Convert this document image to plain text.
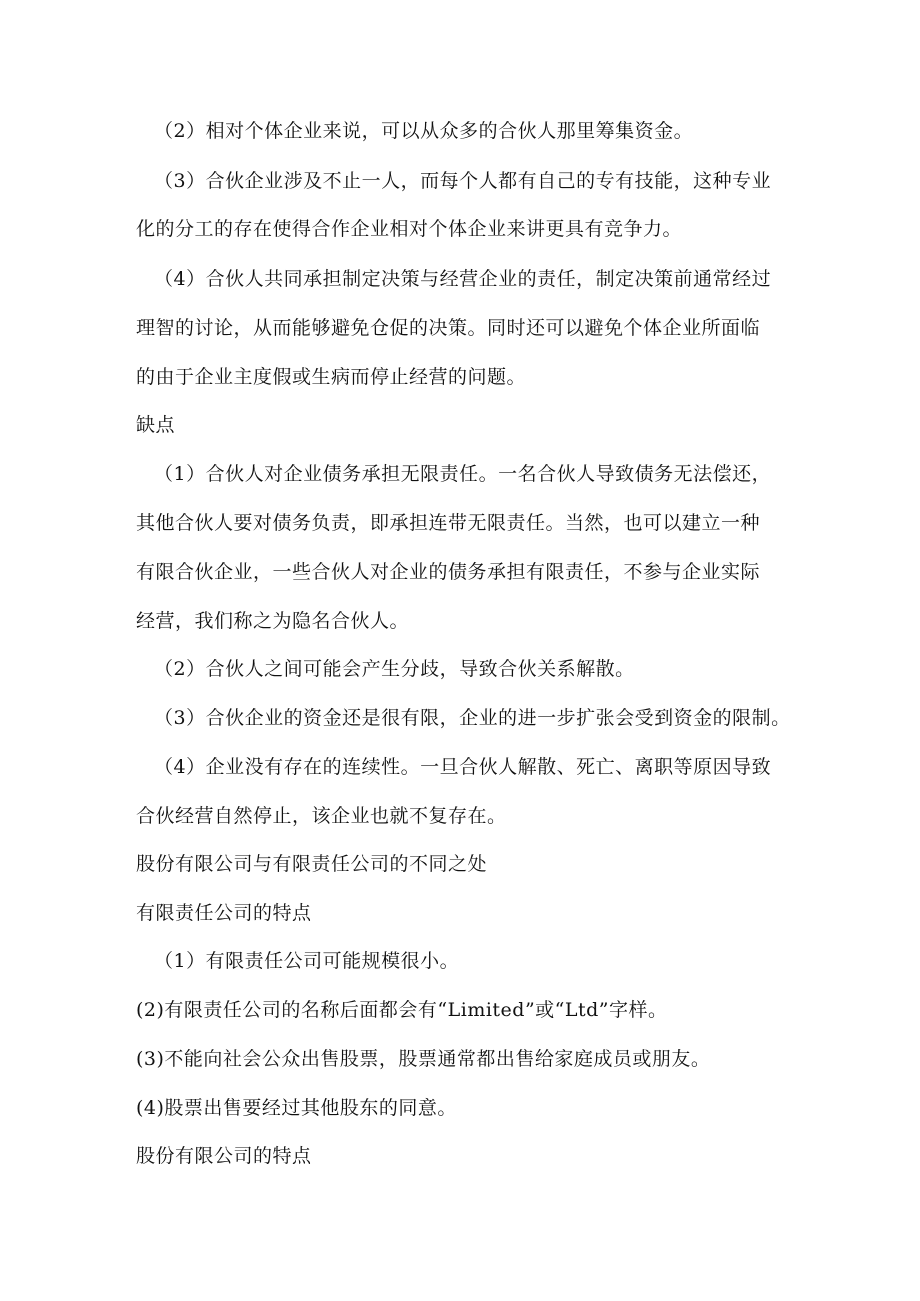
（2）相对个体企业来说，可以从众多的合伙人那里筹集资金。
（3）合伙企业涉及不止一人，而每个人都有自己的专有技能，这种专业
化的分工的存在使得合作企业相对个体企业来讲更具有竞争力。
（4）合伙人共同承担制定决策与经营企业的责任，制定决策前通常经过
理智的讨论，从而能够避免仓促的决策。同时还可以避免个体企业所面临
的由于企业主度假或生病而停止经营的问题。
缺点
（1）合伙人对企业债务承担无限责任。一名合伙人导致债务无法偿还，
其他合伙人要对债务负责，即承担连带无限责任。当然，也可以建立一种
有限合伙企业，一些合伙人对企业的债务承担有限责任，不参与企业实际
经营，我们称之为隐名合伙人。
（2）合伙人之间可能会产生分歧，导致合伙关系解散。
（3）合伙企业的资金还是很有限，企业的进一步扩张会受到资金的限制。
（4）企业没有存在的连续性。一旦合伙人解散、死亡、离职等原因导致
合伙经营自然停止，该企业也就不复存在。
股份有限公司与有限责任公司的不同之处
有限责任公司的特点
（1）有限责任公司可能规模很小。
(2)有限责任公司的名称后面都会有“Limited”或“Ltd”字样。
(3)不能向社会公众出售股票，股票通常都出售给家庭成员或朋友。
(4)股票出售要经过其他股东的同意。
股份有限公司的特点
